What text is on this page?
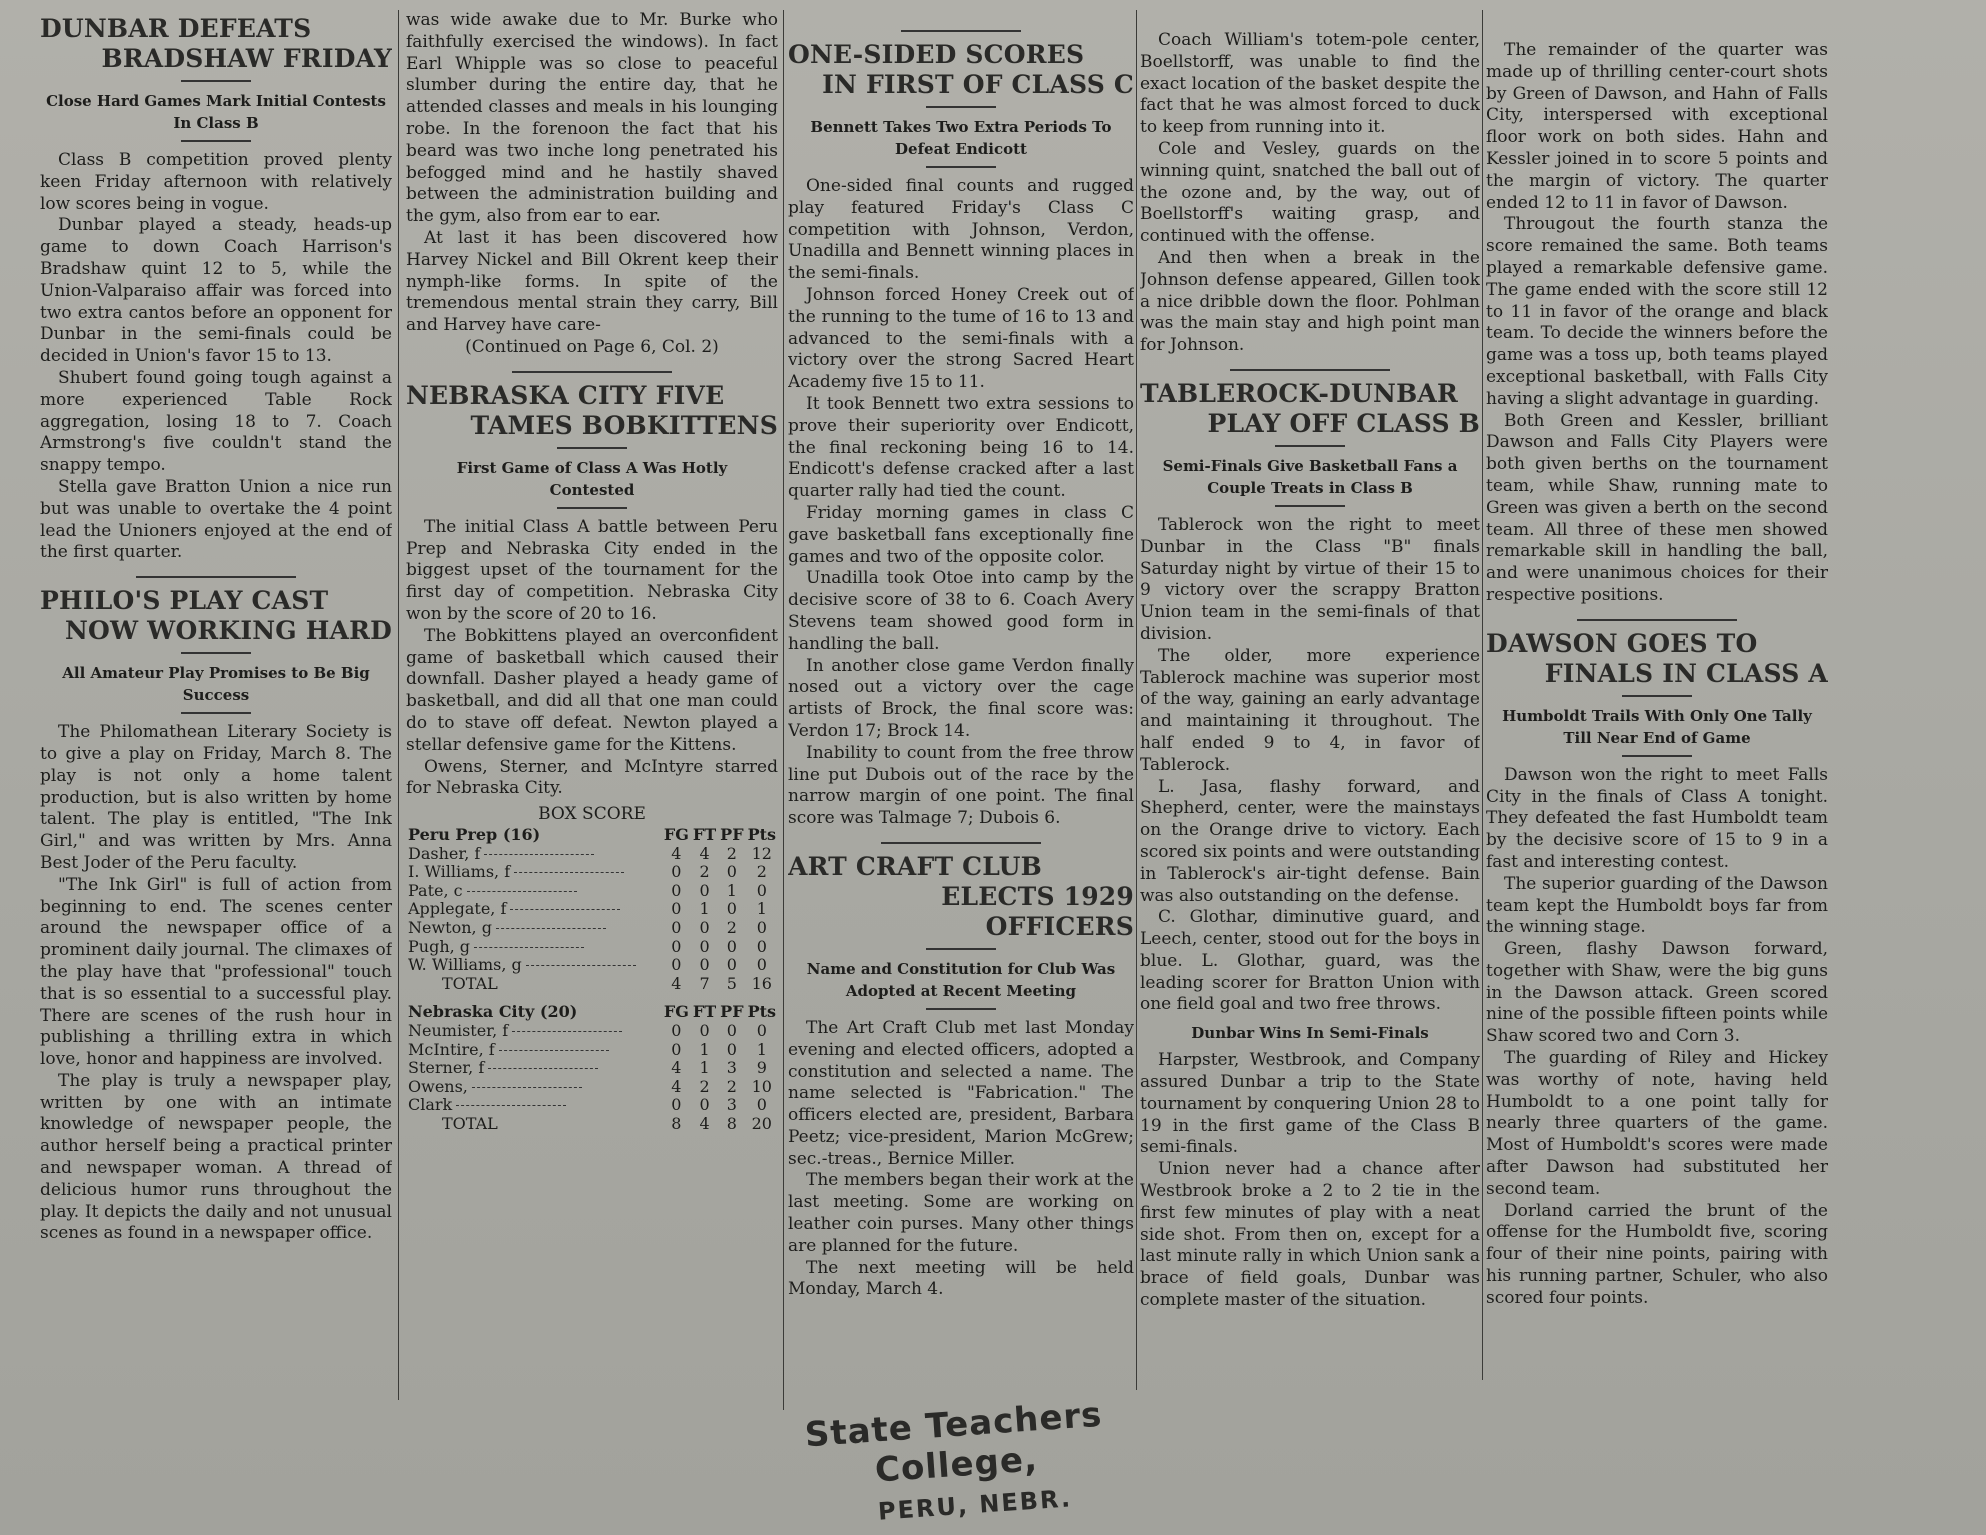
DUNBAR DEFEATS
BRADSHAW FRIDAY
Close Hard Games Mark Initial Contests In Class B

Class B competition proved plenty keen Friday afternoon with relatively low scores being in vogue.

Dunbar played a steady, heads-up game to down Coach Harrison's Bradshaw quint 12 to 5, while the Union-Valparaiso affair was forced into two extra cantos before an opponent for Dunbar in the semi-finals could be decided in Union's favor 15 to 13.

Shubert found going tough against a more experienced Table Rock aggregation, losing 18 to 7. Coach Armstrong's five couldn't stand the snappy tempo.

Stella gave Bratton Union a nice run but was unable to overtake the 4 point lead the Unioners enjoyed at the end of the first quarter.

PHILO'S PLAY CAST
NOW WORKING HARD
All Amateur Play Promises to Be Big Success

The Philomathean Literary Society is to give a play on Friday, March 8. The play is not only a home talent production, but is also written by home talent. The play is entitled, "The Ink Girl," and was written by Mrs. Anna Best Joder of the Peru faculty.

"The Ink Girl" is full of action from beginning to end. The scenes center around the newspaper office of a prominent daily journal. The climaxes of the play have that "professional" touch that is so essential to a successful play. There are scenes of the rush hour in publishing a thrilling extra in which love, honor and happiness are involved.

The play is truly a newspaper play, written by one with an intimate knowledge of newspaper people, the author herself being a practical printer and newspaper woman. A thread of delicious humor runs throughout the play. It depicts the daily and not unusual scenes as found in a newspaper office.

was wide awake due to Mr. Burke who faithfully exercised the windows). In fact Earl Whipple was so close to peaceful slumber during the entire day, that he attended classes and meals in his lounging robe. In the forenoon the fact that his beard was two inche long penetrated his befogged mind and he hastily shaved between the administration building and the gym, also from ear to ear.

At last it has been discovered how Harvey Nickel and Bill Okrent keep their nymph-like forms. In spite of the tremendous mental strain they carry, Bill and Harvey have care-

(Continued on Page 6, Col. 2)

NEBRASKA CITY FIVE
TAMES BOBKITTENS
First Game of Class A Was Hotly Contested

The initial Class A battle between Peru Prep and Nebraska City ended in the biggest upset of the tournament for the first day of competition. Nebraska City won by the score of 20 to 16.

The Bobkittens played an overconfident game of basketball which caused their downfall. Dasher played a heady game of basketball, and did all that one man could do to stave off defeat. Newton played a stellar defensive game for the Kittens.

Owens, Sterner, and McIntyre starred for Nebraska City.

BOX SCORE
Peru Prep (16)	FG	FT	PF	Pts
Dasher, f	4	4	2	12
I. Williams, f	0	2	0	2
Pate, c	0	0	1	0
Applegate, f	0	1	0	1
Newton, g	0	0	2	0
Pugh, g	0	0	0	0
W. Williams, g	0	0	0	0
TOTAL	4	7	5	16
Nebraska City (20)	FG	FT	PF	Pts
Neumister, f	0	0	0	0
McIntire, f	0	1	0	1
Sterner, f	4	1	3	9
Owens,	4	2	2	10
Clark	0	0	3	0
TOTAL	8	4	8	20
ONE-SIDED SCORES
IN FIRST OF CLASS C
Bennett Takes Two Extra Periods To Defeat Endicott

One-sided final counts and rugged play featured Friday's Class C competition with Johnson, Verdon, Unadilla and Bennett winning places in the semi-finals.

Johnson forced Honey Creek out of the running to the tume of 16 to 13 and advanced to the semi-finals with a victory over the strong Sacred Heart Academy five 15 to 11.

It took Bennett two extra sessions to prove their superiority over Endicott, the final reckoning being 16 to 14. Endicott's defense cracked after a last quarter rally had tied the count.

Friday morning games in class C gave basketball fans exceptionally fine games and two of the opposite color.

Unadilla took Otoe into camp by the decisive score of 38 to 6. Coach Avery Stevens team showed good form in handling the ball.

In another close game Verdon finally nosed out a victory over the cage artists of Brock, the final score was: Verdon 17; Brock 14.

Inability to count from the free throw line put Dubois out of the race by the narrow margin of one point. The final score was Talmage 7; Dubois 6.

ART CRAFT CLUB
ELECTS 1929 OFFICERS
Name and Constitution for Club Was Adopted at Recent Meeting

The Art Craft Club met last Monday evening and elected officers, adopted a constitution and selected a name. The name selected is "Fabrication." The officers elected are, president, Barbara Peetz; vice-president, Marion McGrew; sec.-treas., Bernice Miller.

The members began their work at the last meeting. Some are working on leather coin purses. Many other things are planned for the future.

The next meeting will be held Monday, March 4.

Coach William's totem-pole center, Boellstorff, was unable to find the exact location of the basket despite the fact that he was almost forced to duck to keep from running into it.

Cole and Vesley, guards on the winning quint, snatched the ball out of the ozone and, by the way, out of Boellstorff's waiting grasp, and continued with the offense.

And then when a break in the Johnson defense appeared, Gillen took a nice dribble down the floor. Pohlman was the main stay and high point man for Johnson.

TABLEROCK-DUNBAR
PLAY OFF CLASS B
Semi-Finals Give Basketball Fans a Couple Treats in Class B

Tablerock won the right to meet Dunbar in the Class "B" finals Saturday night by virtue of their 15 to 9 victory over the scrappy Bratton Union team in the semi-finals of that division.

The older, more experience Tablerock machine was superior most of the way, gaining an early advantage and maintaining it throughout. The half ended 9 to 4, in favor of Tablerock.

L. Jasa, flashy forward, and Shepherd, center, were the mainstays on the Orange drive to victory. Each scored six points and were outstanding in Tablerock's air-tight defense. Bain was also outstanding on the defense.

C. Glothar, diminutive guard, and Leech, center, stood out for the boys in blue. L. Glothar, guard, was the leading scorer for Bratton Union with one field goal and two free throws.

Dunbar Wins In Semi-Finals

Harpster, Westbrook, and Company assured Dunbar a trip to the State tournament by conquering Union 28 to 19 in the first game of the Class B semi-finals.

Union never had a chance after Westbrook broke a 2 to 2 tie in the first few minutes of play with a neat side shot. From then on, except for a last minute rally in which Union sank a brace of field goals, Dunbar was complete master of the situation.

The remainder of the quarter was made up of thrilling center-court shots by Green of Dawson, and Hahn of Falls City, interspersed with exceptional floor work on both sides. Hahn and Kessler joined in to score 5 points and the margin of victory. The quarter ended 12 to 11 in favor of Dawson.

Througout the fourth stanza the score remained the same. Both teams played a remarkable defensive game. The game ended with the score still 12 to 11 in favor of the orange and black team. To decide the winners before the game was a toss up, both teams played exceptional basketball, with Falls City having a slight advantage in guarding.

Both Green and Kessler, brilliant Dawson and Falls City Players were both given berths on the tournament team, while Shaw, running mate to Green was given a berth on the second team. All three of these men showed remarkable skill in handling the ball, and were unanimous choices for their respective positions.

DAWSON GOES TO
FINALS IN CLASS A
Humboldt Trails With Only One Tally Till Near End of Game

Dawson won the right to meet Falls City in the finals of Class A tonight. They defeated the fast Humboldt team by the decisive score of 15 to 9 in a fast and interesting contest.

The superior guarding of the Dawson team kept the Humboldt boys far from the winning stage.

Green, flashy Dawson forward, together with Shaw, were the big guns in the Dawson attack. Green scored nine of the possible fifteen points while Shaw scored two and Corn 3.

The guarding of Riley and Hickey was worthy of note, having held Humboldt to a one point tally for nearly three quarters of the game. Most of Humboldt's scores were made after Dawson had substituted her second team.

Dorland carried the brunt of the offense for the Humboldt five, scoring four of their nine points, pairing with his running partner, Schuler, who also scored four points.

State Teachers College,
PERU, NEBR.
